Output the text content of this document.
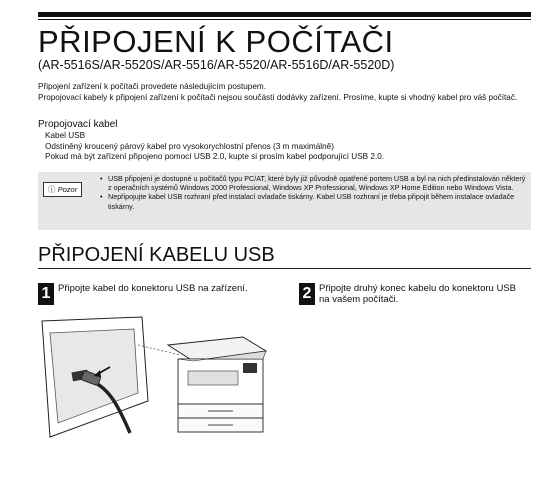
PŘIPOJENÍ K POČÍTAČI
(AR-5516S/AR-5520S/AR-5516/AR-5520/AR-5516D/AR-5520D)
Připojení zařízení k počítači provedete následujícím postupem.
Propojovací kabely k připojení zařízení k počítači nejsou součástí dodávky zařízení. Prosíme, kupte si vhodný kabel pro váš počítač.
Propojovací kabel
Kabel USB
Odstíněný kroucený párový kabel pro vysokorychlostní přenos (3 m maximálně)
Pokud má být zařízení připojeno pomocí USB 2.0, kupte si prosím kabel podporující USB 2.0.
ⓘ Pozor
• USB připojení je dostupné u počítačů typu PC/AT, které byly již původně opatřené portem USB a byl na nich předinstalován některý z operačních systémů Windows 2000 Professional, Windows XP Professional, Windows XP Home Edition nebo Windows Vista.
• Nepřipojujte kabel USB rozhraní před instalací ovladače tiskárny. Kabel USB rozhraní je třeba připojit během instalace ovladače tiskárny.
PŘIPOJENÍ KABELU USB
1 Připojte kabel do konektoru USB na zařízení.	2 Připojte druhý konec kabelu do konektoru USB na vašem počítači.
